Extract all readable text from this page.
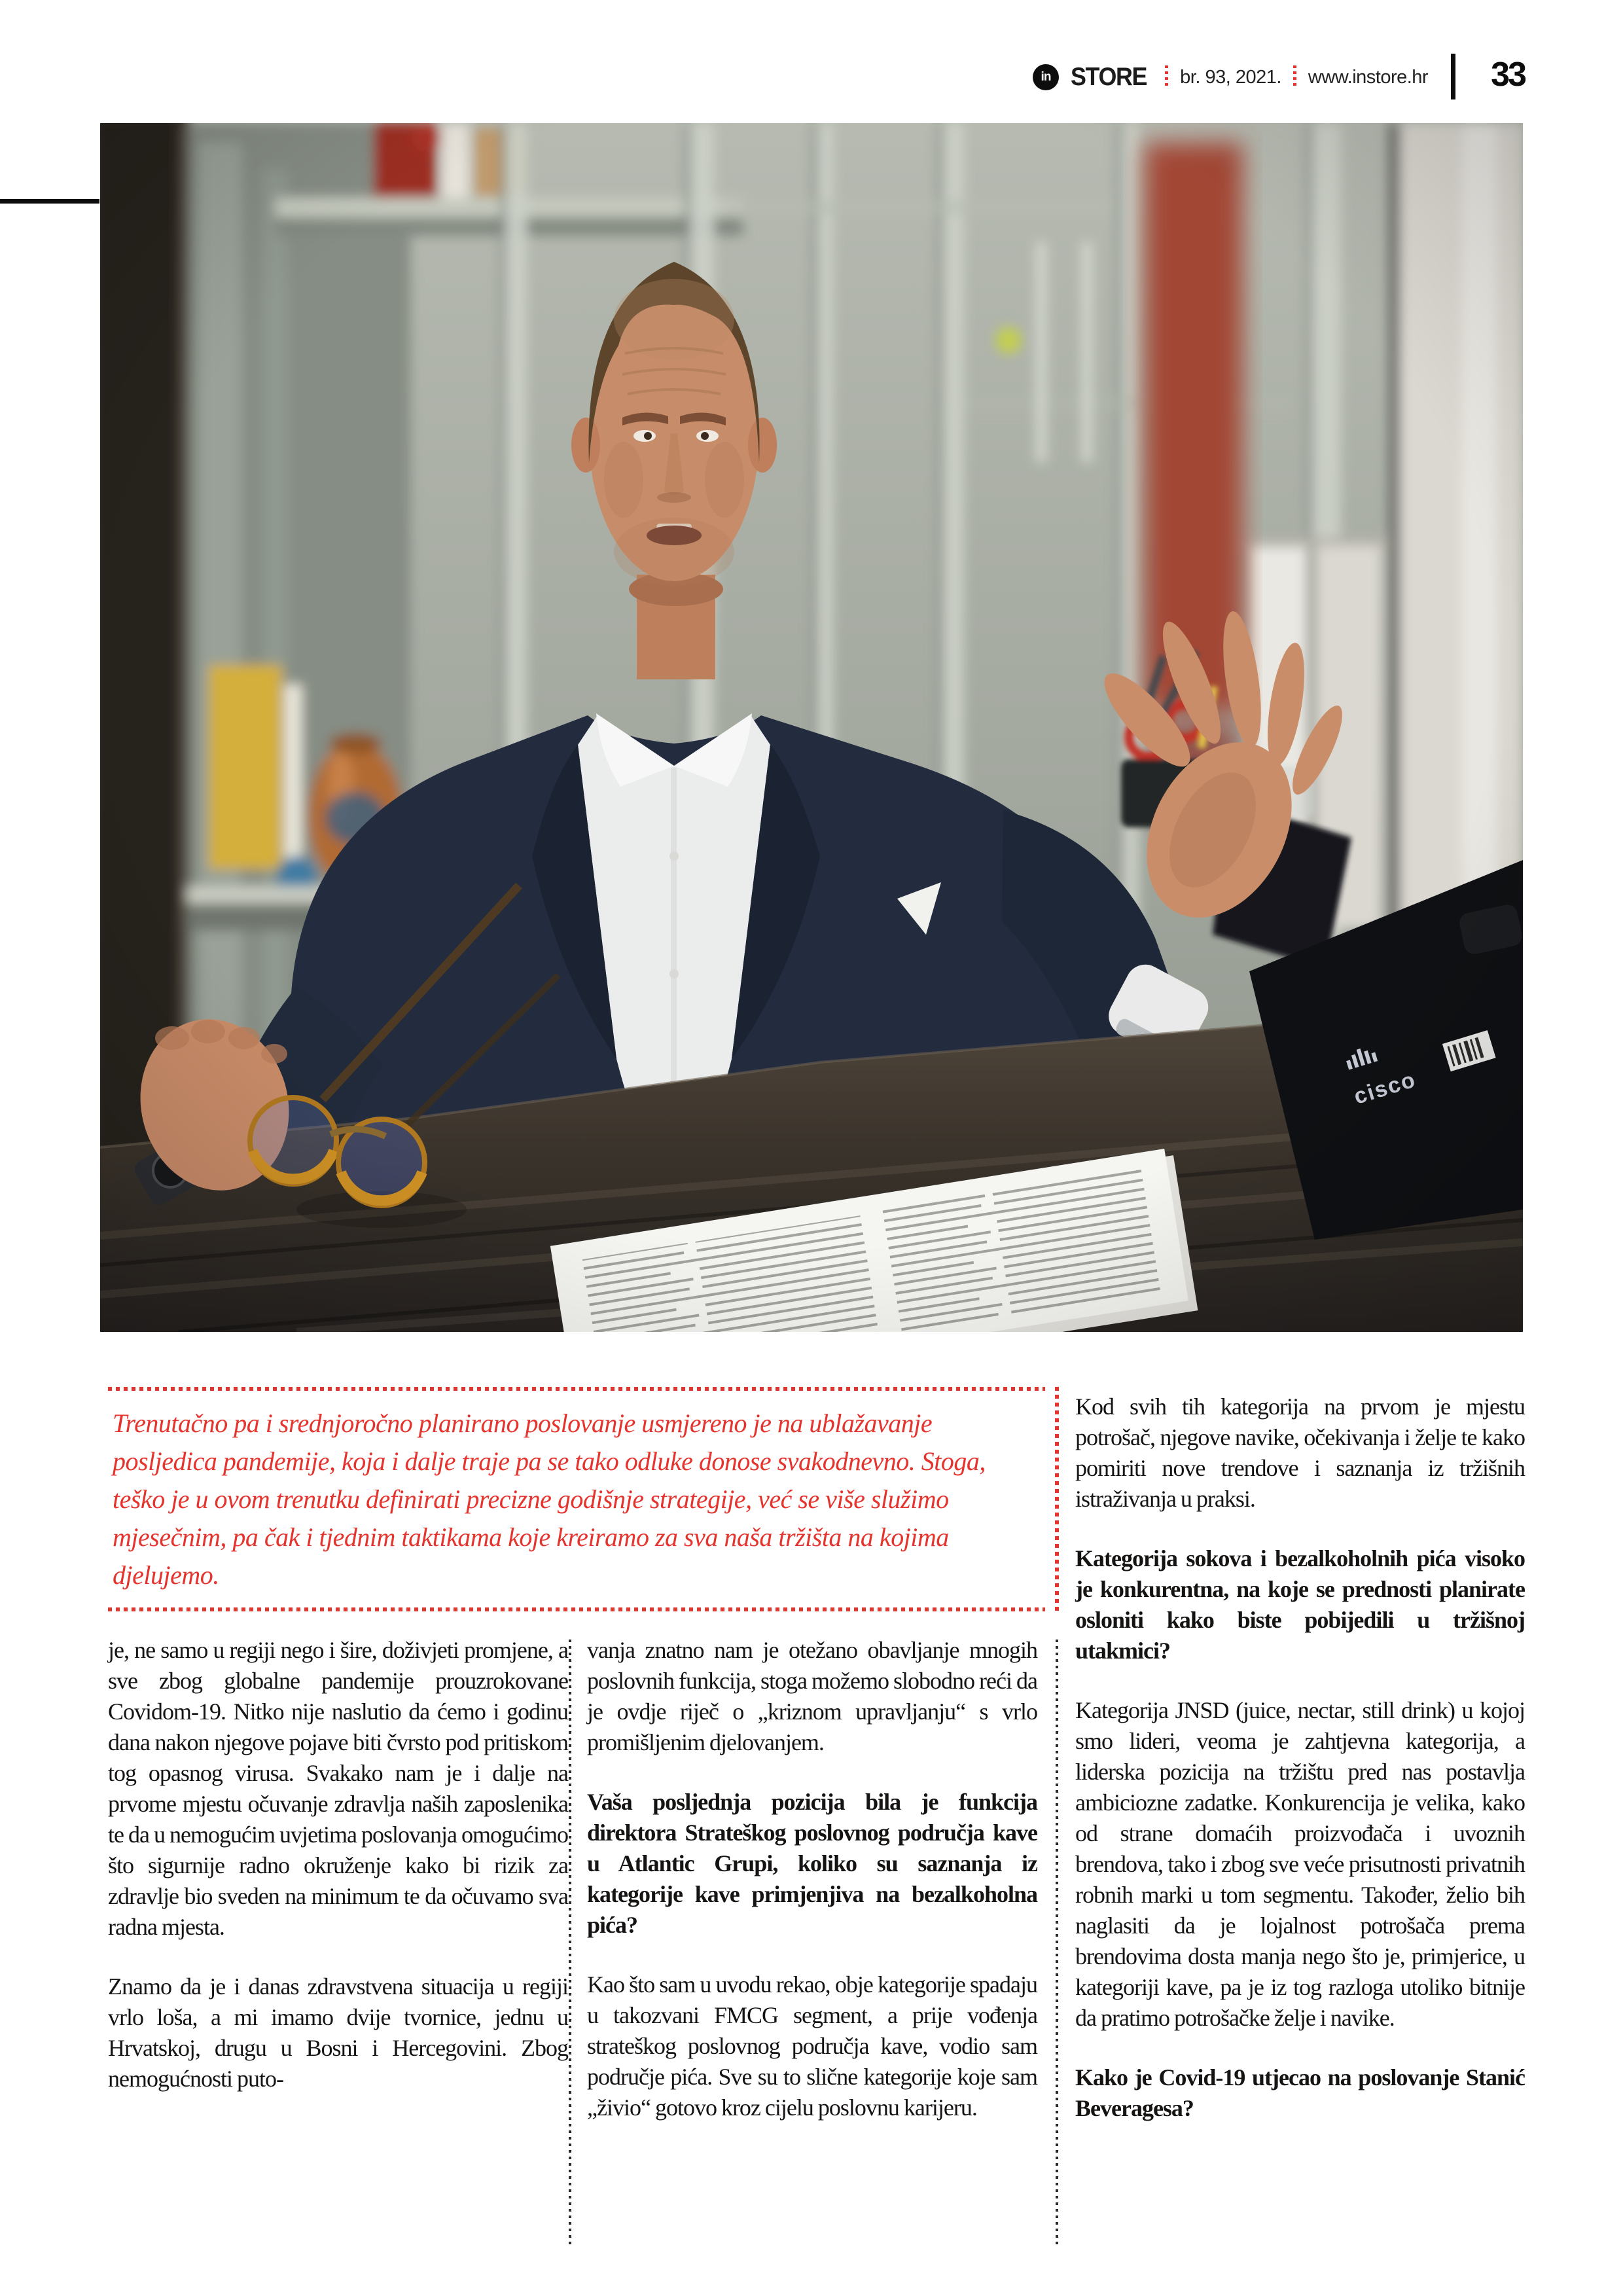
in STORE br. 93, 2021. www.instore.hr 33
Trenutačno pa i srednjoročno planirano poslovanje usmjereno je na ublažavanje posljedica pandemije, koja i dalje traje pa se tako odluke donose svakodnevno. Stoga, teško je u ovom trenutku definirati precizne godišnje strategije, već se više služimo mjesečnim, pa čak i tjednim taktikama koje kreiramo za sva naša tržišta na kojima djelujemo.

je, ne samo u regiji nego i šire, doživjeti promjene, a sve zbog globalne pandemije prouzrokovane Covidom-19. Nitko nije naslutio da ćemo i godinu dana nakon njegove pojave biti čvrsto pod pritiskom tog opasnog virusa. Svakako nam je i dalje na prvome mjestu očuvanje zdravlja naših zaposlenika te da u nemogućim uvjetima poslovanja omogućimo što sigurnije radno okruženje kako bi rizik za zdravlje bio sveden na minimum te da očuvamo sva radna mjesta.

Znamo da je i danas zdravstvena situacija u regiji vrlo loša, a mi imamo dvije tvornice, jednu u Hrvatskoj, drugu u Bosni i Hercegovini. Zbog nemogućnosti puto-

vanja znatno nam je otežano obavljanje mnogih poslovnih funkcija, stoga možemo slobodno reći da je ovdje riječ o „kriznom upravljanju“ s vrlo promišljenim djelovanjem.

Vaša posljednja pozicija bila je funkcija direktora Strateškog poslovnog područja kave u Atlantic Grupi, koliko su saznanja iz kategorije kave primjenjiva na bezalkoholna pića?

Kao što sam u uvodu rekao, obje kategorije spadaju u takozvani FMCG segment, a prije vođenja strateškog poslovnog područja kave, vodio sam područje pića. Sve su to slične kategorije koje sam „živio“ gotovo kroz cijelu poslovnu karijeru.

Kod svih tih kategorija na prvom je mjestu potrošač, njegove navike, očekivanja i želje te kako pomiriti nove trendove i saznanja iz tržišnih istraživanja u praksi.

Kategorija sokova i bezalkoholnih pića visoko je konkurentna, na koje se prednosti planirate osloniti kako biste pobijedili u tržišnoj utakmici?

Kategorija JNSD (juice, nectar, still drink) u kojoj smo lideri, veoma je zahtjevna kategorija, a liderska pozicija na tržištu pred nas postavlja ambiciozne zadatke. Konkurencija je velika, kako od strane domaćih proizvođača i uvoznih brendova, tako i zbog sve veće prisutnosti privatnih robnih marki u tom segmentu. Također, želio bih naglasiti da je lojalnost potrošača prema brendovima dosta manja nego što je, primjerice, u kategoriji kave, pa je iz tog razloga utoliko bitnije da pratimo potrošačke želje i navike.

Kako je Covid-19 utjecao na poslovanje Stanić Beveragesa?
